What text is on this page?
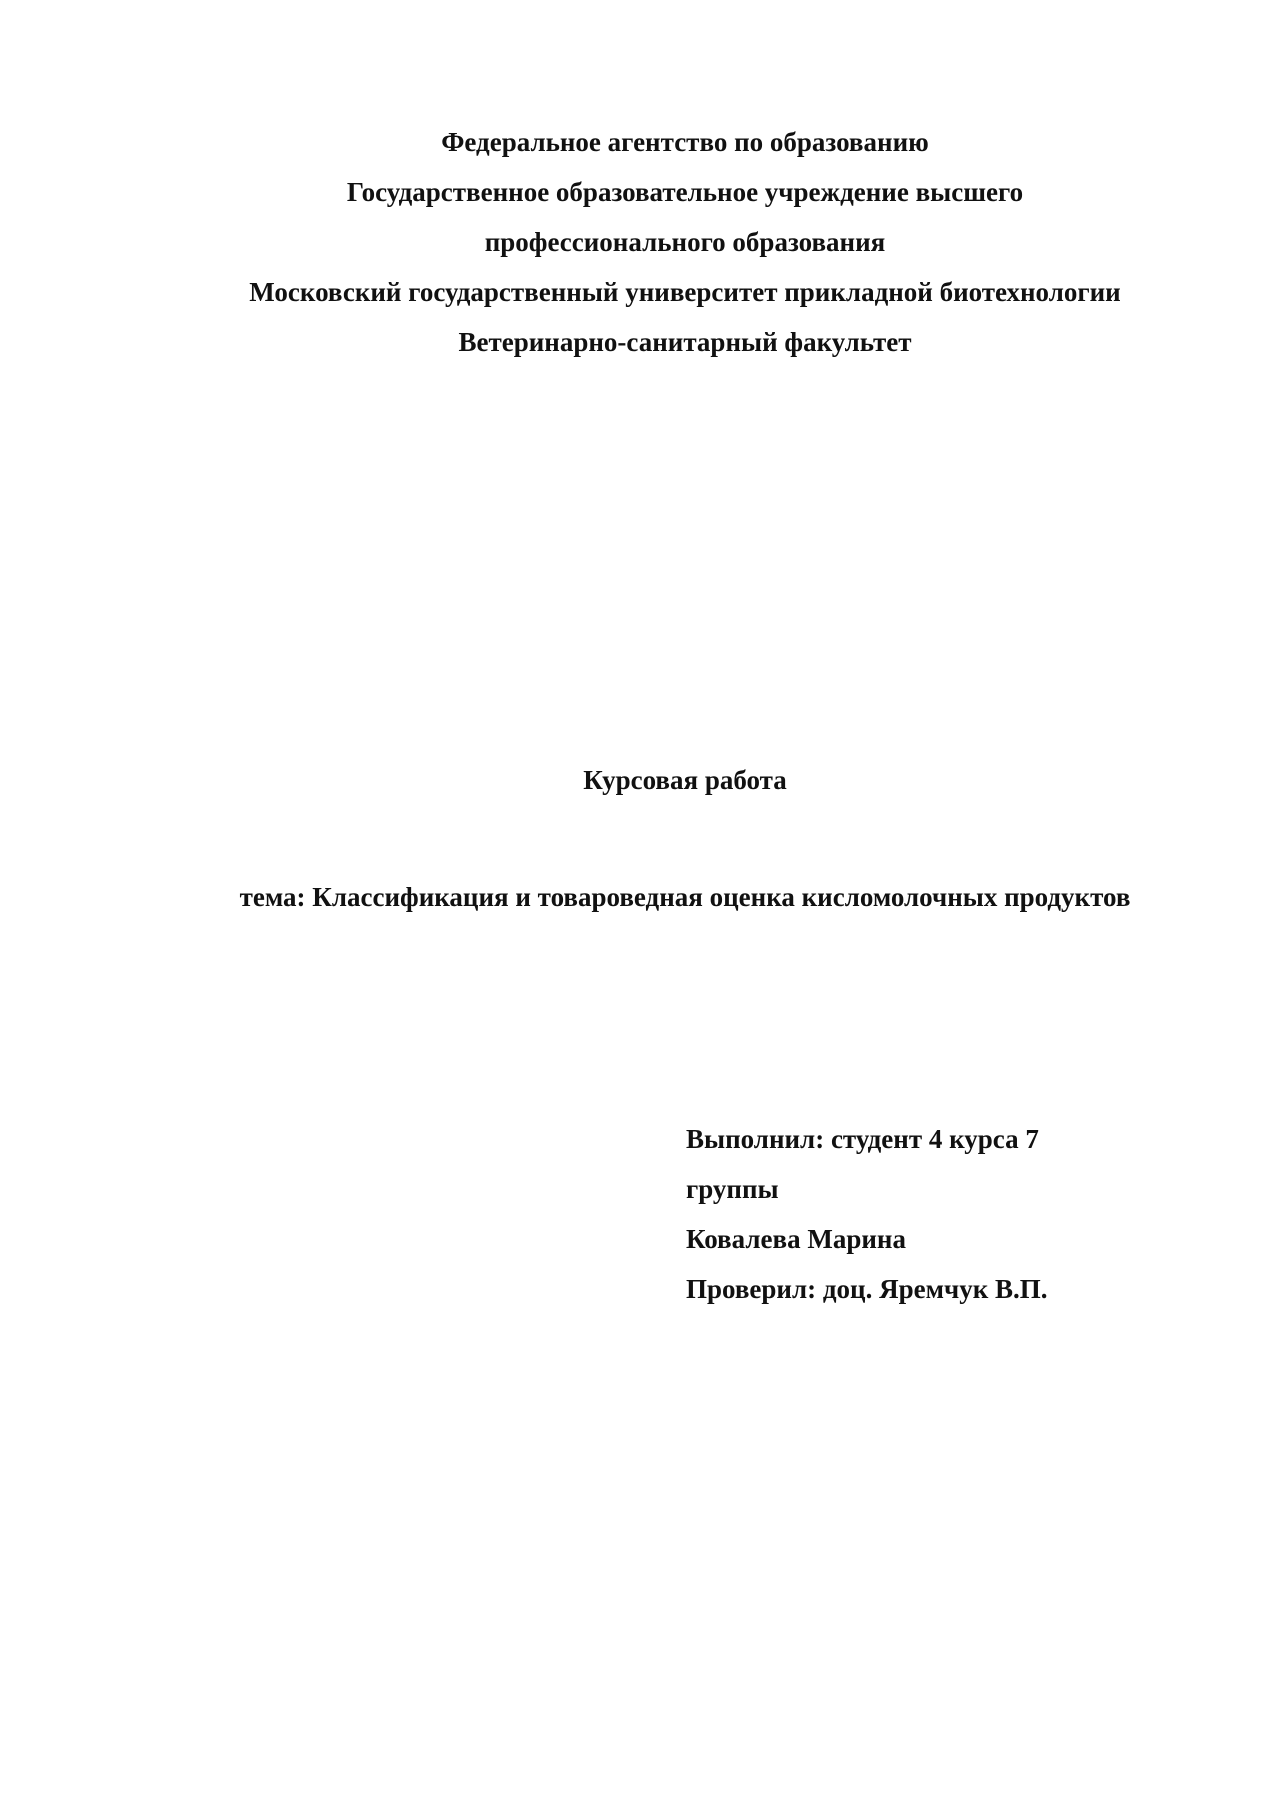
Федеральное агентство по образованию

Государственное образовательное учреждение высшего

профессионального образования

Московский государственный университет прикладной биотехнологии

Ветеринарно-санитарный факультет

Курсовая работа

тема: Классификация и товароведная оценка кисломолочных продуктов

Выполнил: студент 4 курса 7

группы

Ковалева Марина

Проверил: доц. Яремчук В.П.
